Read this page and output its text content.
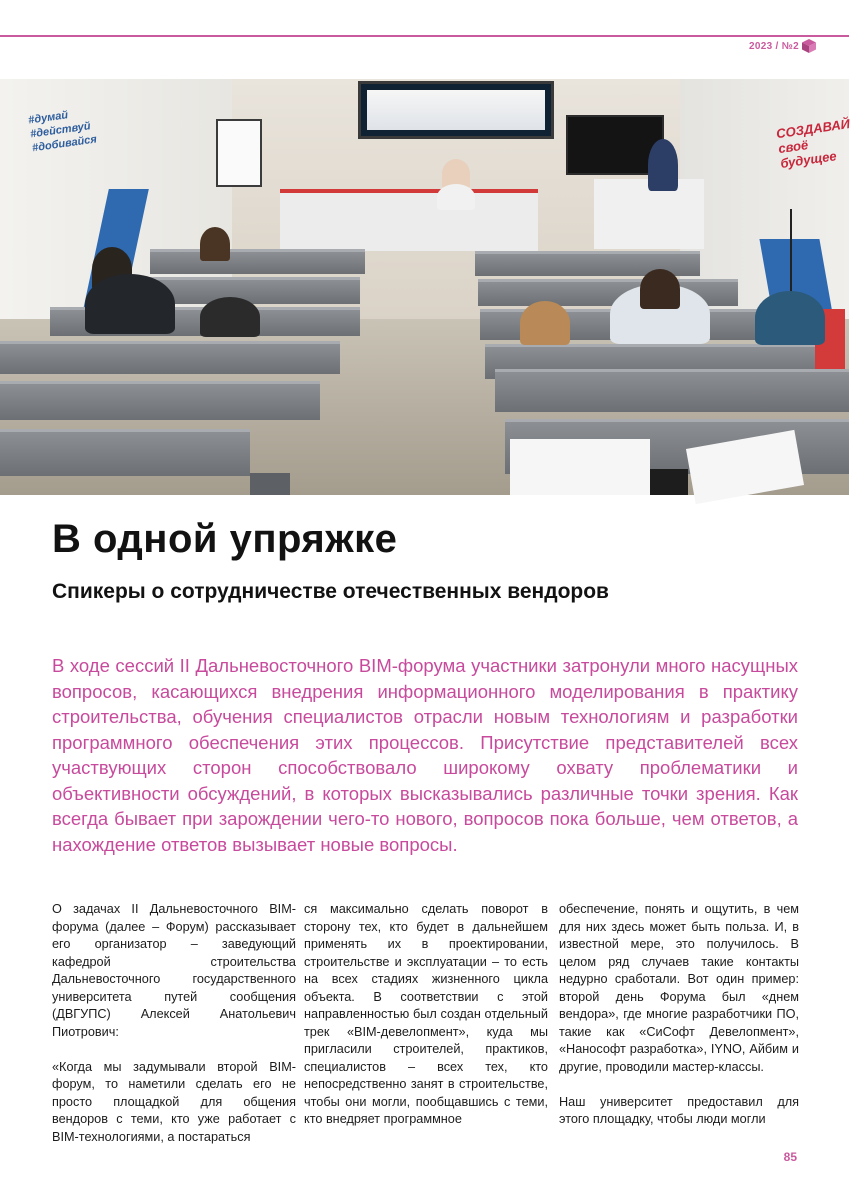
2023 / №2
#думай
#действуй
#добивайся
СОЗДАВАЙ
своё будущее
В одной упряжке
Спикеры о сотрудничестве отечественных вендоров

В ходе сессий II Дальневосточного BIM-форума участники затронули много насущных вопросов, касающихся внедрения информационного моделирования в практику строительства, обучения специалистов отрасли новым технологиям и разработки программного обеспечения этих процессов. Присутствие представителей всех участвующих сторон способствовало широкому охвату проблематики и объективности обсуждений, в которых высказывались различные точки зрения. Как всегда бывает при зарождении чего-то нового, вопросов пока больше, чем ответов, а нахождение ответов вызывает новые вопросы.

О задачах II Дальневосточного BIM-форума (далее – Форум) рассказывает его организатор – заведующий кафедрой строительства Дальневосточного государственного университета путей сообщения (ДВГУПС) Алексей Анатольевич Пиотрович:

«Когда мы задумывали второй BIM-форум, то наметили сделать его не просто площадкой для общения вендоров с теми, кто уже работает с BIM-технологиями, а постараться

ся максимально сделать поворот в сторону тех, кто будет в дальнейшем применять их в проектировании, строительстве и эксплуатации – то есть на всех стадиях жизненного цикла объекта. В соответствии с этой направленностью был создан отдельный трек «BIM-девелопмент», куда мы пригласили строителей, практиков, специалистов – всех тех, кто непосредственно занят в строительстве, чтобы они могли, пообщавшись с теми, кто внедряет программное

обеспечение, понять и ощутить, в чем для них здесь может быть польза. И, в известной мере, это получилось. В целом ряд случаев такие контакты недурно сработали. Вот один пример: второй день Форума был «днем вендора», где многие разработчики ПО, такие как «СиСофт Девелопмент», «Нанософт разработка», IYNO, Айбим и другие, проводили мастер-классы.

Наш университет предоставил для этого площадку, чтобы люди могли

85
